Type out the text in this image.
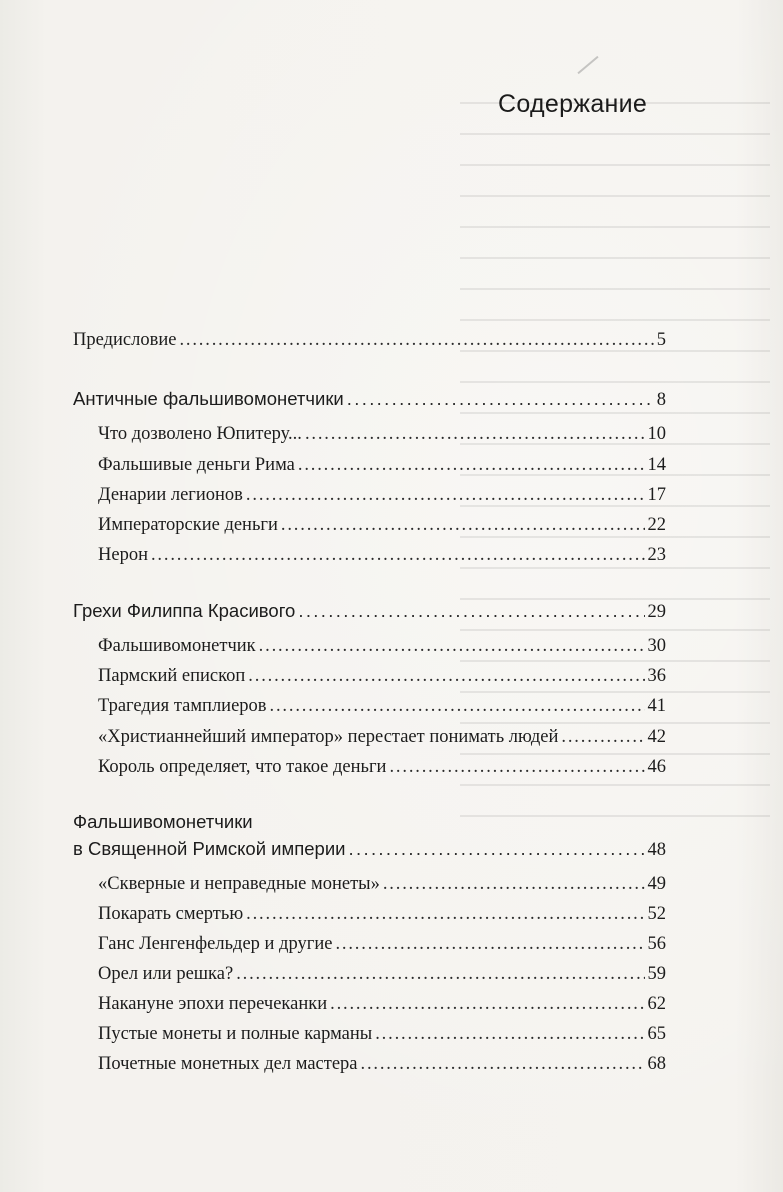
Содержание
Предисловие . . .	5
Античные фальшивомонетчики . . .	8
Что дозволено Юпитеру... . . .	10
Фальшивые деньги Рима . . .	14
Денарии легионов . . .	17
Императорские деньги . . .	22
Нерон . . .	23
Грехи Филиппа Красивого . . .	29
Фальшивомонетчик . . .	30
Пармский епископ . . .	36
Трагедия тамплиеров . . .	41
«Христианнейший император» перестает понимать людей . . .	42
Король определяет, что такое деньги . . .	46
Фальшивомонетчики
в Священной Римской империи . . .	48
«Скверные и неправедные монеты» . . .	49
Покарать смертью . . .	52
Ганс Ленгенфельдер и другие . . .	56
Орел или решка? . . .	59
Накануне эпохи перечеканки . . .	62
Пустые монеты и полные карманы . . .	65
Почетные монетных дел мастера . . .	68
